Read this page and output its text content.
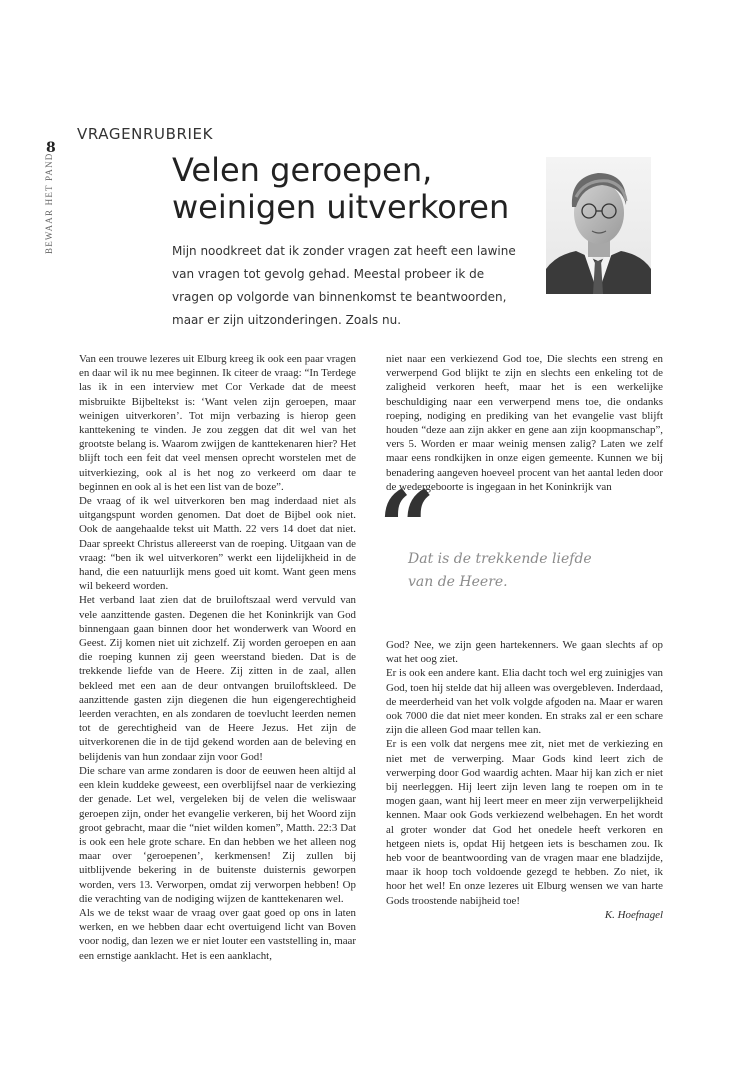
8
BEWAAR HET PAND
VRAGENRUBRIEK
Velen geroepen,
weinigen uitverkoren
Mijn noodkreet dat ik zonder vragen zat heeft een lawine van vragen tot gevolg gehad. Meestal probeer ik de vragen op volgorde van binnenkomst te beantwoorden, maar er zijn uitzonderingen. Zoals nu.

Van een trouwe lezeres uit Elburg kreeg ik ook een paar vragen en daar wil ik nu mee beginnen. Ik citeer de vraag: “In Terdege las ik in een interview met Cor Verkade dat de meest misbruikte Bijbeltekst is: ‘Want velen zijn geroepen, maar weinigen uitverkoren’. Tot mijn verbazing is hierop geen kanttekening te vinden. Je zou zeggen dat dit wel van het grootste belang is. Waarom zwijgen de kanttekenaren hier? Het blijft toch een feit dat veel mensen oprecht worstelen met de uitverkiezing, ook al is het nog zo verkeerd om daar te beginnen en ook al is het een list van de boze”.

De vraag of ik wel uitverkoren ben mag inderdaad niet als uitgangspunt worden genomen. Dat doet de Bijbel ook niet. Ook de aangehaalde tekst uit Matth. 22 vers 14 doet dat niet. Daar spreekt Christus allereerst van de roeping. Uitgaan van de vraag: “ben ik wel uitverkoren” werkt een lijdelijkheid in de hand, die een natuurlijk mens goed uit komt. Want geen mens wil bekeerd worden.

Het verband laat zien dat de bruiloftszaal werd vervuld van vele aanzittende gasten. Degenen die het Koninkrijk van God binnengaan gaan binnen door het wonderwerk van Woord en Geest. Zij komen niet uit zichzelf. Zij worden geroepen en aan die roeping kunnen zij geen weerstand bieden. Dat is de trekkende liefde van de Heere. Zij zitten in de zaal, allen bekleed met een aan de deur ontvangen bruiloftskleed. De aanzittende gasten zijn diegenen die hun eigengerechtigheid leerden verachten, en als zondaren de toevlucht leerden nemen tot de gerechtigheid van de Heere Jezus. Het zijn de uitverkorenen die in de tijd gekend worden aan de beleving en belijdenis van hun zondaar zijn voor God!

Die schare van arme zondaren is door de eeuwen heen altijd al een klein kuddeke geweest, een overblijfsel naar de verkiezing der genade. Let wel, vergeleken bij de velen die weliswaar geroepen zijn, onder het evangelie verkeren, bij het Woord zijn groot gebracht, maar die “niet wilden komen”, Matth. 22:3 Dat is ook een hele grote schare. En dan hebben we het alleen nog maar over ‘geroepenen’, kerkmensen! Zij zullen bij uitblijvende bekering in de buitenste duisternis geworpen worden, vers 13. Verworpen, omdat zij verworpen hebben! Op die verachting van de nodiging wijzen de kanttekenaren wel.

Als we de tekst waar de vraag over gaat goed op ons in laten werken, en we hebben daar echt overtuigend licht van Boven voor nodig, dan lezen we er niet louter een vaststelling in, maar een ernstige aanklacht. Het is een aanklacht,

niet naar een verkiezend God toe, Die slechts een streng en verwerpend God blijkt te zijn en slechts een enkeling tot de zaligheid verkoren heeft, maar het is een werkelijke beschuldiging naar een verwerpend mens toe, die ondanks roeping, nodiging en prediking van het evangelie vast blijft houden “deze aan zijn akker en gene aan zijn koopmanschap”, vers 5. Worden er maar weinig mensen zalig? Laten we zelf maar eens rondkijken in onze eigen gemeente. Kunnen we bij benadering aangeven hoeveel procent van het aantal leden door de wedergeboorte is ingegaan in het Koninkrijk van

“
Dat is de trekkende liefde
van de Heere.

God? Nee, we zijn geen hartekenners. We gaan slechts af op wat het oog ziet.

Er is ook een andere kant. Elia dacht toch wel erg zuinigjes van God, toen hij stelde dat hij alleen was overgebleven. Inderdaad, de meerderheid van het volk volgde afgoden na. Maar er waren ook 7000 die dat niet meer konden. En straks zal er een schare zijn die alleen God maar tellen kan.

Er is een volk dat nergens mee zit, niet met de verkiezing en niet met de verwerping. Maar Gods kind leert zich de verwerping door God waardig achten. Maar hij kan zich er niet bij neerleggen. Hij leert zijn leven lang te roepen om in te mogen gaan, want hij leert meer en meer zijn verwerpelijkheid kennen. Maar ook Gods verkiezend welbehagen. En het wordt al groter wonder dat God het onedele heeft verkoren en hetgeen niets is, opdat Hij hetgeen iets is beschamen zou. Ik heb voor de beantwoording van de vragen maar ene bladzijde, maar ik hoop toch voldoende gezegd te hebben. Zo niet, ik hoor het wel! En onze lezeres uit Elburg wensen we van harte Gods troostende nabijheid toe!

K. Hoefnagel
